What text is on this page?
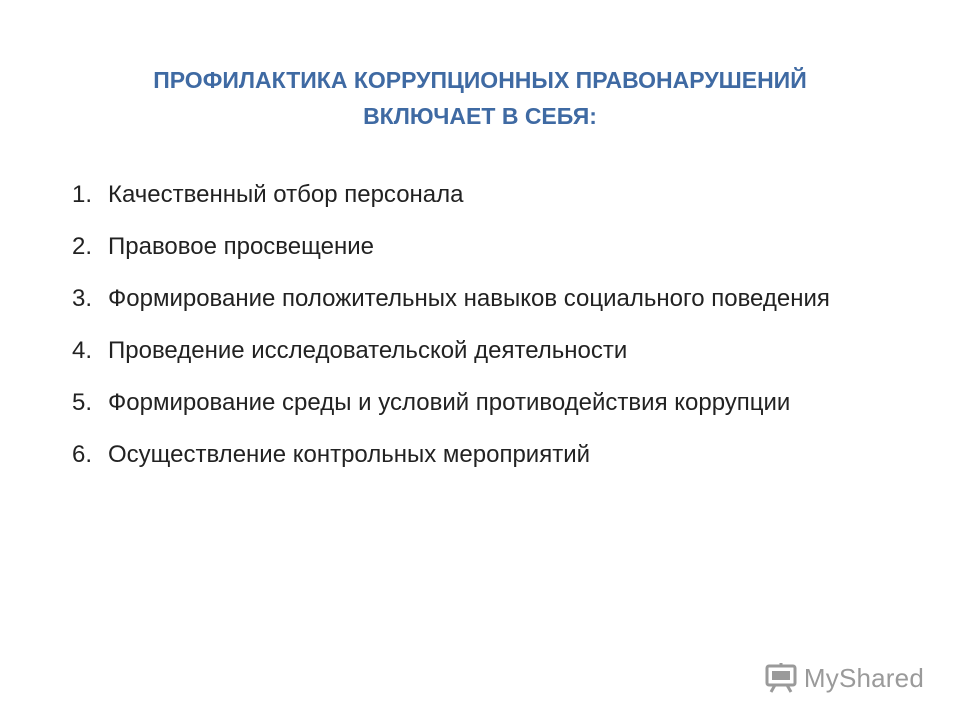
ПРОФИЛАКТИКА КОРРУПЦИОННЫХ ПРАВОНАРУШЕНИЙ
ВКЛЮЧАЕТ В СЕБЯ:
1. Качественный отбор персонала
2. Правовое просвещение
3. Формирование положительных навыков социального поведения
4. Проведение исследовательской деятельности
5. Формирование среды и условий противодействия коррупции
6. Осуществление контрольных мероприятий
MyShared
